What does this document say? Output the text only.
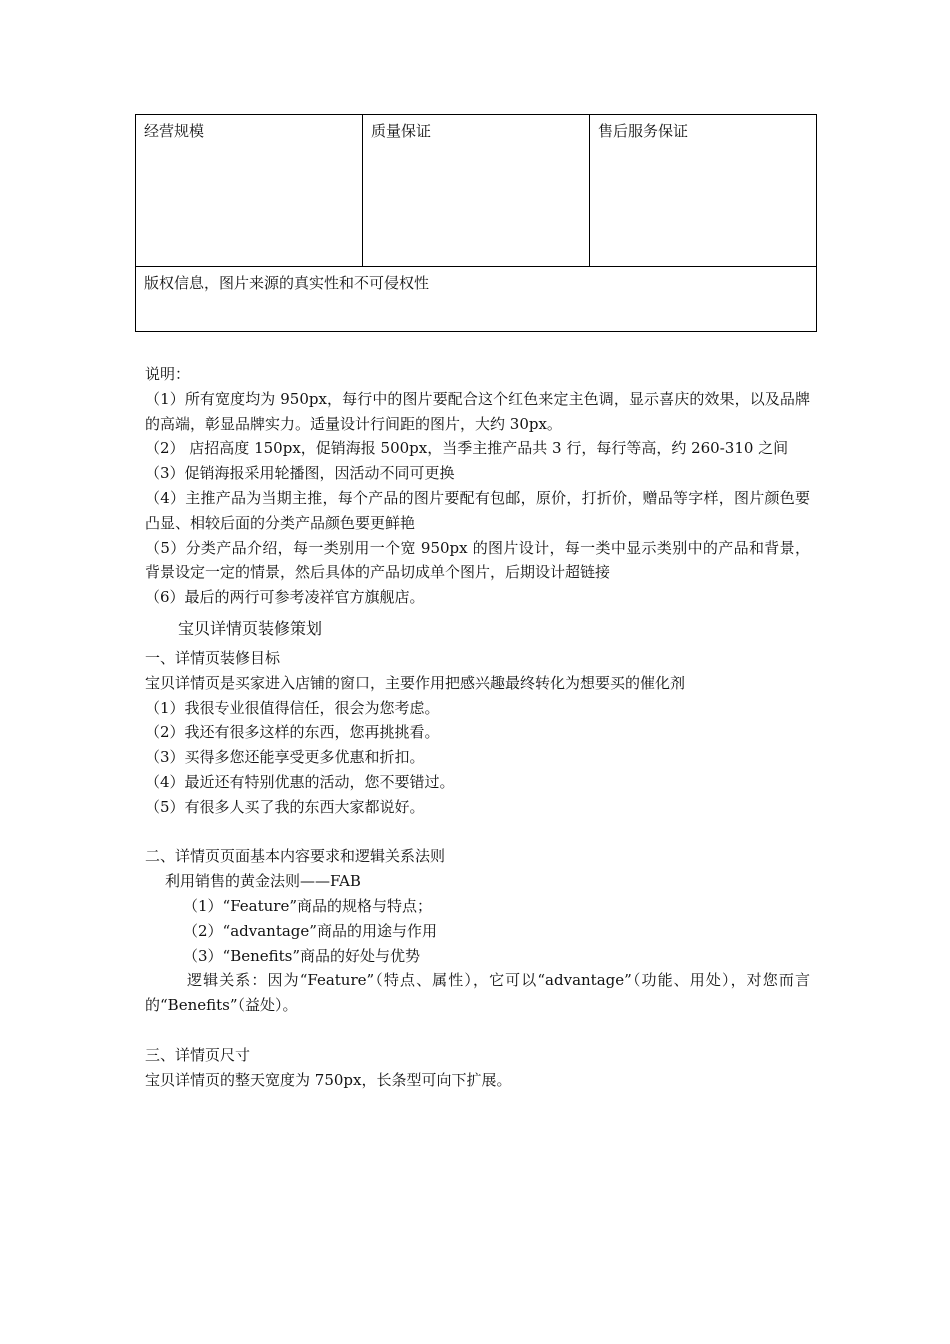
经营规模	质量保证	售后服务保证
版权信息，图片来源的真实性和不可侵权性
说明：
（1）所有宽度均为 950px，每行中的图片要配合这个红色来定主色调，显示喜庆的效果，以及品牌的高端，彰显品牌实力。适量设计行间距的图片，大约 30px。
（2） 店招高度 150px，促销海报 500px，当季主推产品共 3 行，每行等高，约 260-310 之间
（3）促销海报采用轮播图，因活动不同可更换
（4）主推产品为当期主推，每个产品的图片要配有包邮，原价，打折价，赠品等字样，图片颜色要凸显、相较后面的分类产品颜色要更鲜艳
（5）分类产品介绍，每一类别用一个宽 950px 的图片设计，每一类中显示类别中的产品和背景，背景设定一定的情景，然后具体的产品切成单个图片，后期设计超链接
（6）最后的两行可参考凌祥官方旗舰店。
宝贝详情页装修策划
一、详情页装修目标
宝贝详情页是买家进入店铺的窗口，主要作用把感兴趣最终转化为想要买的催化剂
（1）我很专业很值得信任，很会为您考虑。
（2）我还有很多这样的东西，您再挑挑看。
（3）买得多您还能享受更多优惠和折扣。
（4）最近还有特别优惠的活动，您不要错过。
（5）有很多人买了我的东西大家都说好。
二、详情页页面基本内容要求和逻辑关系法则
利用销售的黄金法则——FAB
（1）“Feature”商品的规格与特点；
（2）“advantage”商品的用途与作用
（3）“Benefits”商品的好处与优势
逻辑关系：因为“Feature”（特点、属性），它可以“advantage”（功能、用处），对您而言的“Benefits”（益处）。
三、详情页尺寸
宝贝详情页的整天宽度为 750px，长条型可向下扩展。
